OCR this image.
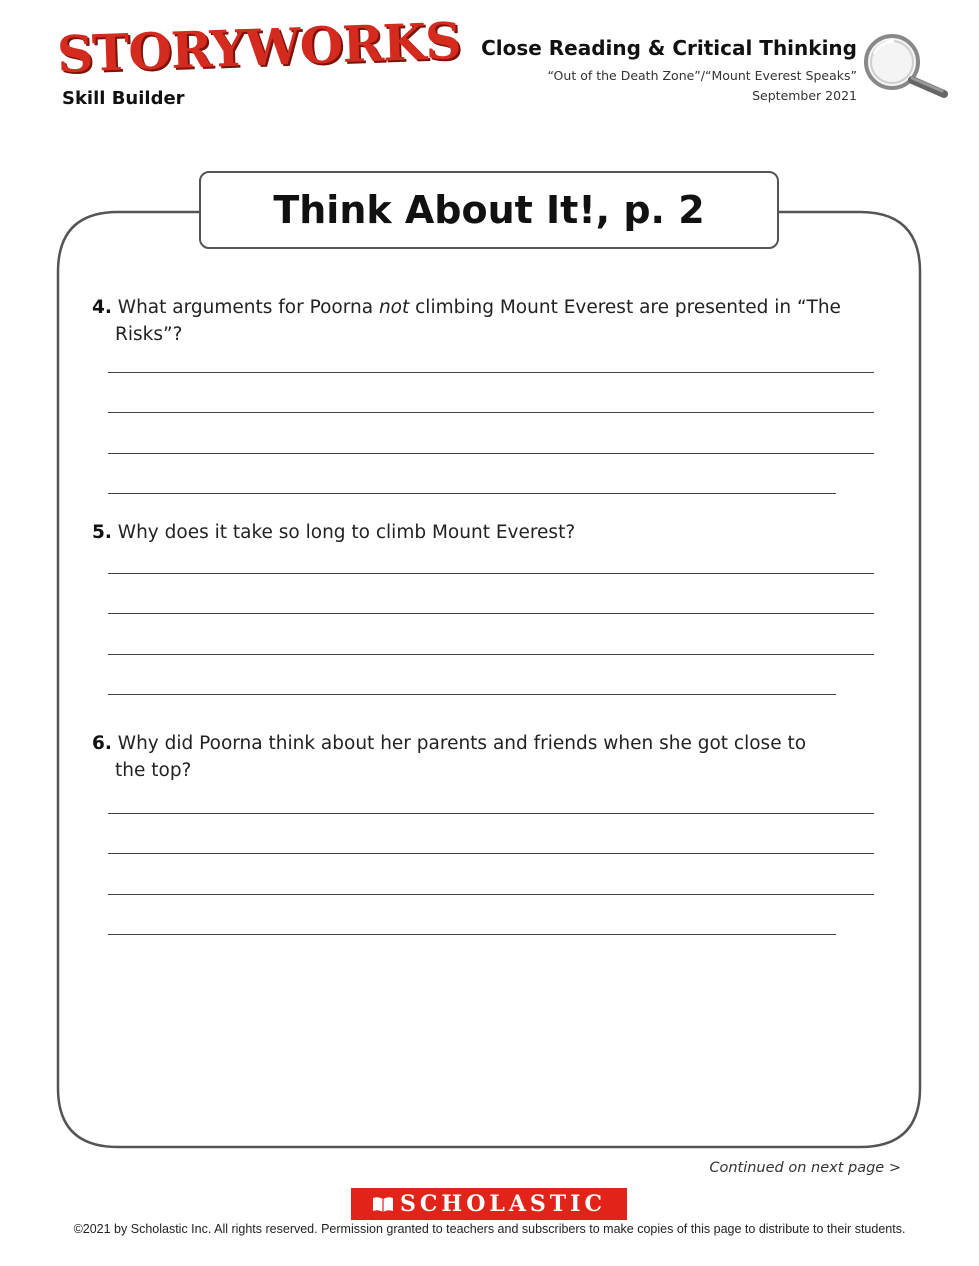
STORYWORKS
Skill Builder
Close Reading & Critical Thinking
“Out of the Death Zone”/“Mount Everest Speaks”
September 2021
Think About It!, p. 2
4. What arguments for Poorna not climbing Mount Everest are presented in “The
Risks”?
5. Why does it take so long to climb Mount Everest?
6. Why did Poorna think about her parents and friends when she got close to
the top?
Continued on next page >
SCHOLASTIC
©2021 by Scholastic Inc. All rights reserved. Permission granted to teachers and subscribers to make copies of this page to distribute to their students.
